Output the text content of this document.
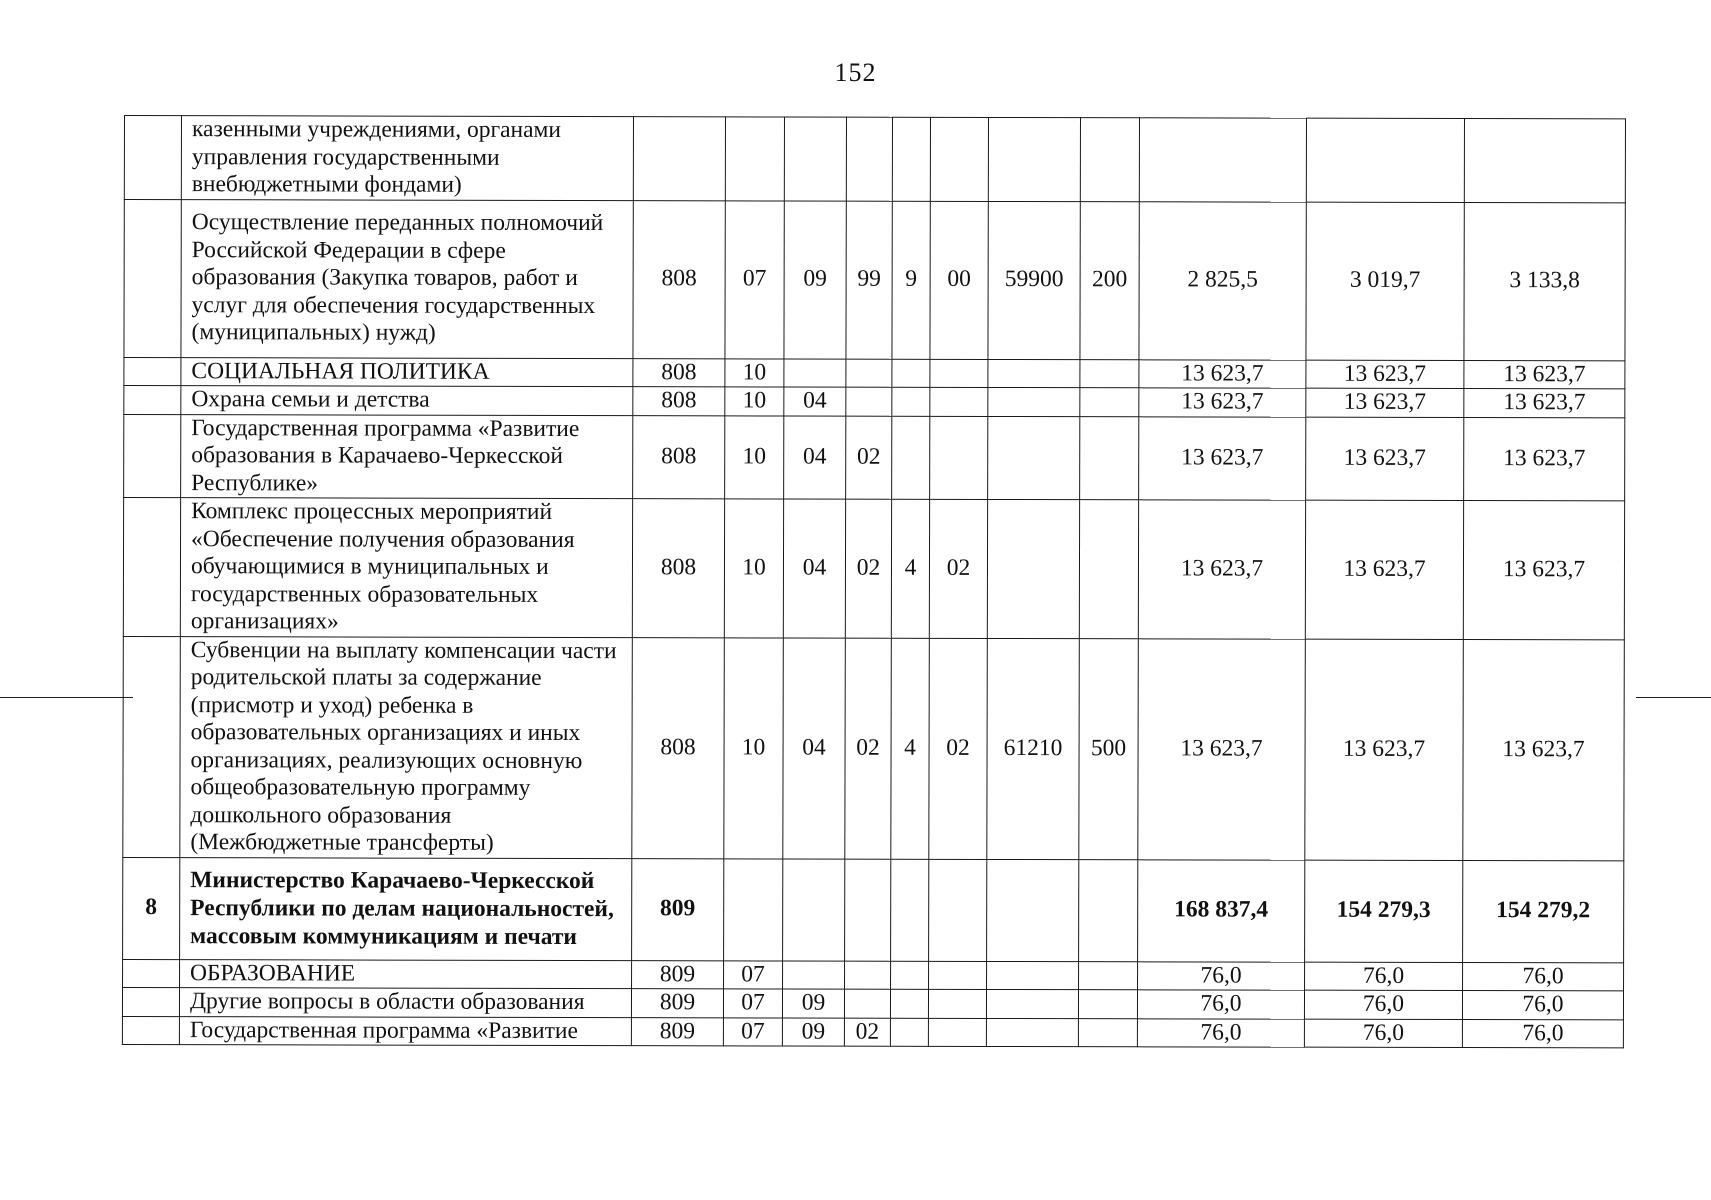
152
	казенными учреждениями, органами управления государственными внебюджетными фондами)											
	Осуществление переданных полномочий Российской Федерации в сфере образования (Закупка товаров, работ и услуг для обеспечения государственных (муниципальных) нужд)	808	07	09	99	9	00	59900	200	2 825,5	3 019,7	3 133,8
	СОЦИАЛЬНАЯ ПОЛИТИКА	808	10							13 623,7	13 623,7	13 623,7
	Охрана семьи и детства	808	10	04						13 623,7	13 623,7	13 623,7
	Государственная программа «Развитие образования в Карачаево-Черкесской Республике»	808	10	04	02					13 623,7	13 623,7	13 623,7
	Комплекс процессных мероприятий «Обеспечение получения образования обучающимися в муниципальных и государственных образовательных организациях»	808	10	04	02	4	02			13 623,7	13 623,7	13 623,7
	Субвенции на выплату компенсации части родительской платы за содержание (присмотр и уход) ребенка в образовательных организациях и иных организациях, реализующих основную общеобразовательную программу дошкольного образования (Межбюджетные трансферты)	808	10	04	02	4	02	61210	500	13 623,7	13 623,7	13 623,7
8	Министерство Карачаево-Черкесской Республики по делам национальностей, массовым коммуникациям и печати	809								168 837,4	154 279,3	154 279,2
	ОБРАЗОВАНИЕ	809	07							76,0	76,0	76,0
	Другие вопросы в области образования	809	07	09						76,0	76,0	76,0
	Государственная программа «Развитие	809	07	09	02					76,0	76,0	76,0
